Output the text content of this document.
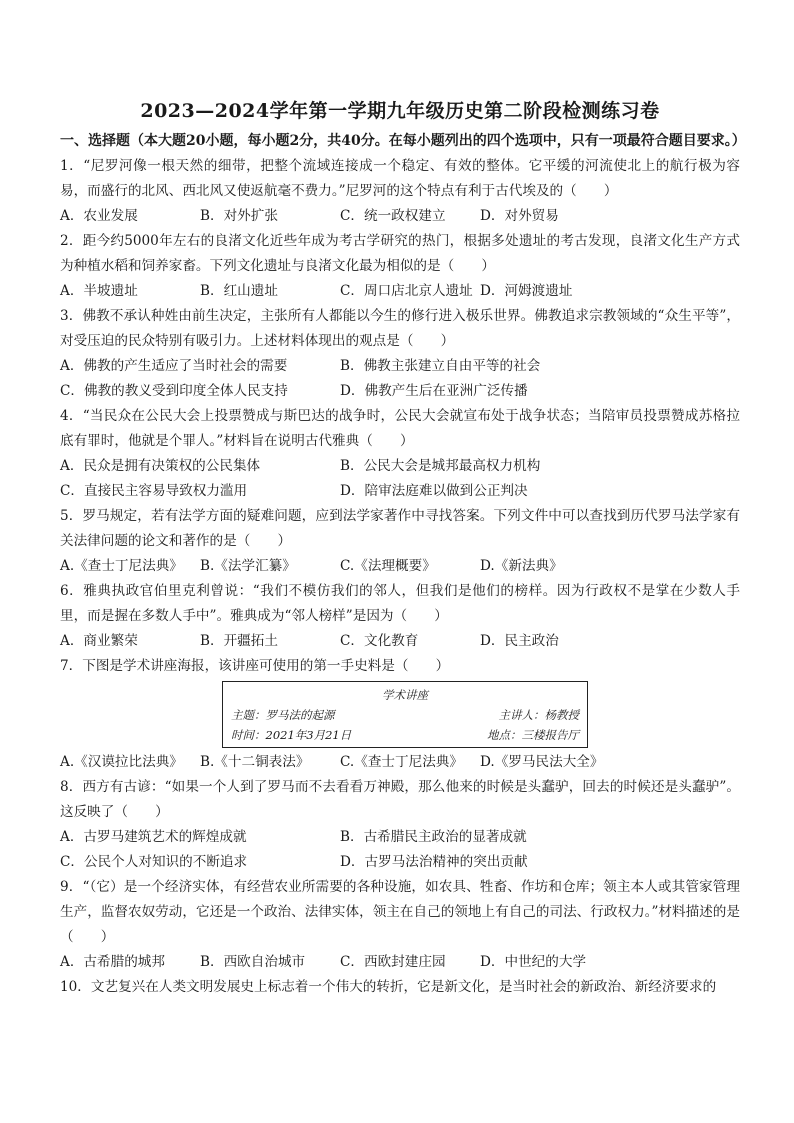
2023—2024学年第一学期九年级历史第二阶段检测练习卷
一、选择题（本大题20小题，每小题2分，共40分。在每小题列出的四个选项中，只有一项最符合题目要求。）
1．“尼罗河像一根天然的细带，把整个流域连接成一个稳定、有效的整体。它平缓的河流使北上的航行极为容易，而盛行的北风、西北风又使返航毫不费力。”尼罗河的这个特点有利于古代埃及的（　　）
A．农业发展	B．对外扩张	C．统一政权建立	D．对外贸易
2．距今约5000年左右的良渚文化近些年成为考古学研究的热门，根据多处遗址的考古发现，良渚文化生产方式为种植水稻和饲养家畜。下列文化遗址与良渚文化最为相似的是（　　）
A．半坡遗址	B．红山遗址	C．周口店北京人遗址 D．河姆渡遗址
3．佛教不承认种姓由前生决定，主张所有人都能以今生的修行进入极乐世界。佛教追求宗教领域的“众生平等”，对受压迫的民众特别有吸引力。上述材料体现出的观点是（　　）
A．佛教的产生适应了当时社会的需要	B．佛教主张建立自由平等的社会
C．佛教的教义受到印度全体人民支持	D．佛教产生后在亚洲广泛传播
4．“当民众在公民大会上投票赞成与斯巴达的战争时，公民大会就宣布处于战争状态；当陪审员投票赞成苏格拉底有罪时，他就是个罪人。”材料旨在说明古代雅典（　　）
A．民众是拥有决策权的公民集体	B．公民大会是城邦最高权力机构
C．直接民主容易导致权力滥用	D．陪审法庭难以做到公正判决
5．罗马规定，若有法学方面的疑难问题，应到法学家著作中寻找答案。下列文件中可以查找到历代罗马法学家有关法律问题的论文和著作的是（　　）
A.《查士丁尼法典》	B.《法学汇纂》	C.《法理概要》	D.《新法典》
6．雅典执政官伯里克利曾说：“我们不模仿我们的邻人，但我们是他们的榜样。因为行政权不是掌在少数人手里，而是握在多数人手中”。雅典成为“邻人榜样”是因为（　　）
A．商业繁荣	B．开疆拓土	C．文化教育	D．民主政治
7．下图是学术讲座海报，该讲座可使用的第一手史料是（　　）
学术讲座
主题：罗马法的起源	主讲人：杨教授
时间：2021年3月21日	地点：三楼报告厅
A.《汉谟拉比法典》	B.《十二铜表法》	C.《查士丁尼法典》	D.《罗马民法大全》
8．西方有古谚：“如果一个人到了罗马而不去看看万神殿，那么他来的时候是头蠢驴，回去的时候还是头蠢驴”。这反映了（　　）
A．古罗马建筑艺术的辉煌成就	B．古希腊民主政治的显著成就
C．公民个人对知识的不断追求	D．古罗马法治精神的突出贡献
9．“（它）是一个经济实体，有经营农业所需要的各种设施，如农具、牲畜、作坊和仓库；领主本人或其管家管理生产，监督农奴劳动，它还是一个政治、法律实体，领主在自己的领地上有自己的司法、行政权力。”材料描述的是（　　）
A．古希腊的城邦	B．西欧自治城市	C．西欧封建庄园	D．中世纪的大学
10．文艺复兴在人类文明发展史上标志着一个伟大的转折，它是新文化，是当时社会的新政治、新经济要求的
